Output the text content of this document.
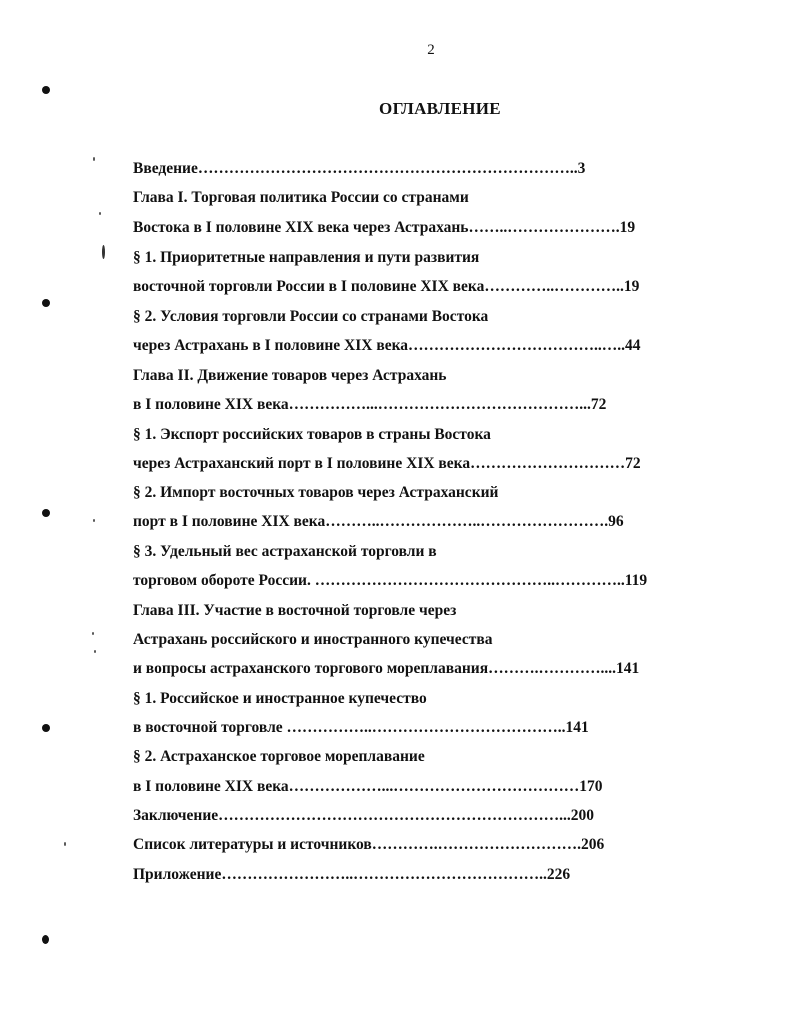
2
ОГЛАВЛЕНИЕ
Введение………………………………………………………………..3
Глава I. Торговая политика России со странами
Востока в I половине XIX века через Астрахань……..………………….19
§ 1. Приоритетные направления и пути развития
восточной торговли России в I половине XIX века…………..…………..19
§ 2. Условия торговли России со странами Востока
через Астрахань в I половине XIX века………………………………..…..44
Глава II. Движение товаров через Астрахань
в I половине XIX века……………...…………………………………...72
§ 1. Экспорт российских товаров в страны Востока
через Астраханский порт в I половине XIX века…………………………72
§ 2. Импорт восточных товаров через Астраханский
порт в I половине XIX века………..………………..…………………….96
§ 3. Удельный вес астраханской торговли в
торговом обороте России. ………………………………………..…………..119
Глава III. Участие в восточной торговле через
Астрахань российского и иностранного купечества
и вопросы астраханского торгового мореплавания……….…………....141
§ 1. Российское и иностранное купечество
в восточной торговле ……………..………………………………..141
§ 2. Астраханское торговое мореплавание
в I половине XIX века………………...………………………………170
Заключение…………………………………………………………...200
Список литературы и источников………….……………………….206
Приложение……………………..………………………………..226
